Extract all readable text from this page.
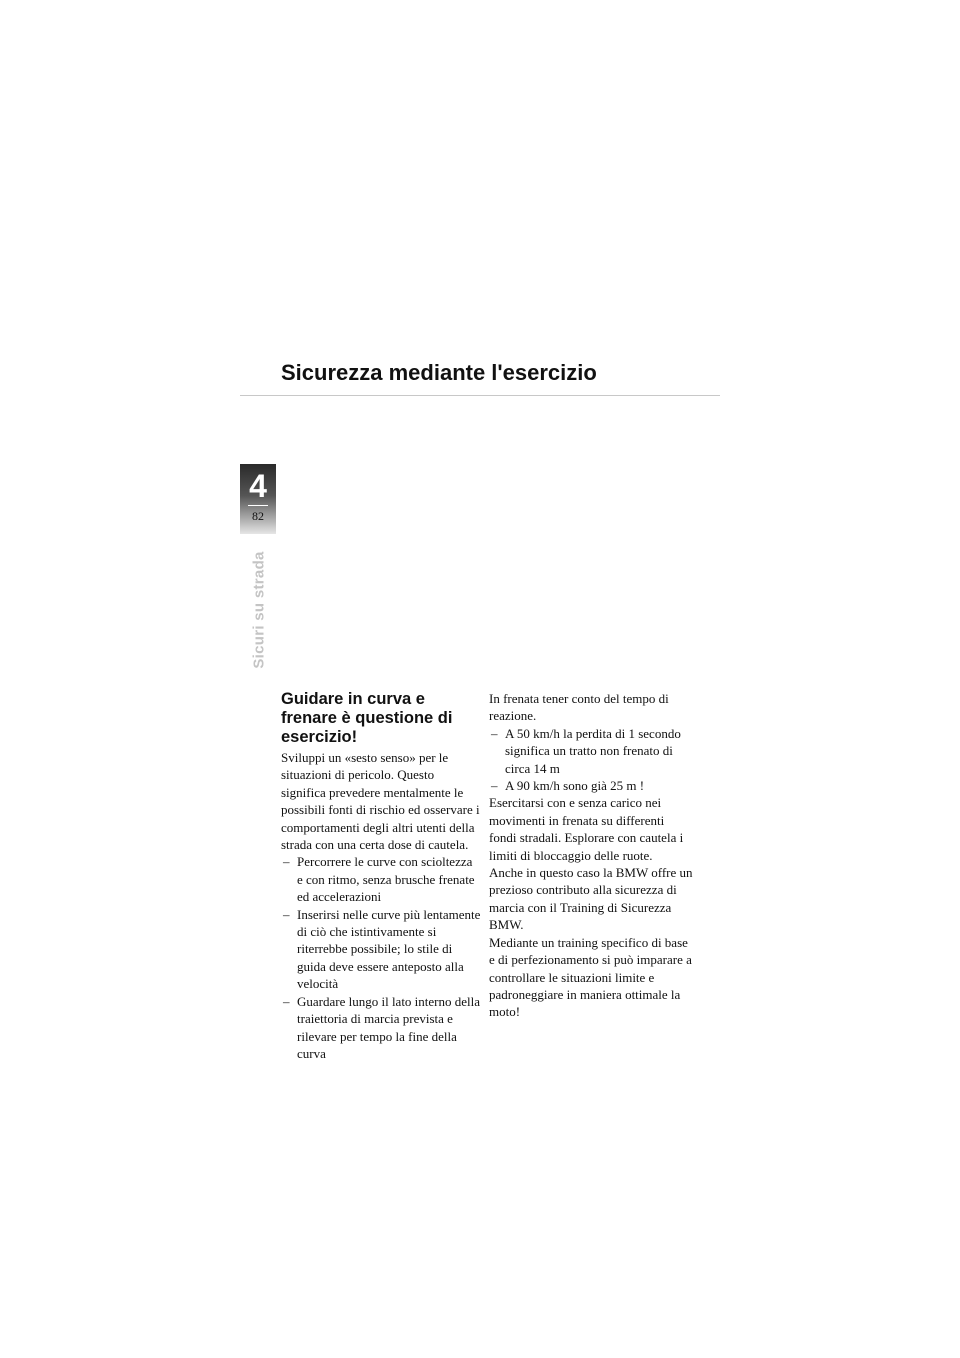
Sicurezza mediante l'esercizio
4
82
Sicuri su strada
Guidare in curva e frenare è questione di esercizio!

Sviluppi un «sesto senso» per le situazioni di pericolo. Questo significa prevedere mentalmente le possibili fonti di rischio ed osservare i comportamenti degli altri utenti della strada con una certa dose di cautela.

– Percorrere le curve con scioltezza e con ritmo, senza brusche frenate ed accelerazioni
– Inserirsi nelle curve più lentamente di ciò che istintivamente si riterrebbe possibile; lo stile di guida deve essere anteposto alla velocità
– Guardare lungo il lato interno della traiettoria di marcia prevista e rilevare per tempo la fine della curva

In frenata tener conto del tempo di reazione.

– A 50 km/h la perdita di 1 secondo significa un tratto non frenato di circa 14 m
– A 90 km/h sono già 25 m !

Esercitarsi con e senza carico nei movimenti in frenata su differenti fondi stradali. Esplorare con cautela i limiti di bloccaggio delle ruote.

Anche in questo caso la BMW offre un prezioso contributo alla sicurezza di marcia con il Training di Sicurezza BMW.

Mediante un training specifico di base e di perfezionamento si può imparare a controllare le situazioni limite e padroneggiare in maniera ottimale la moto!
